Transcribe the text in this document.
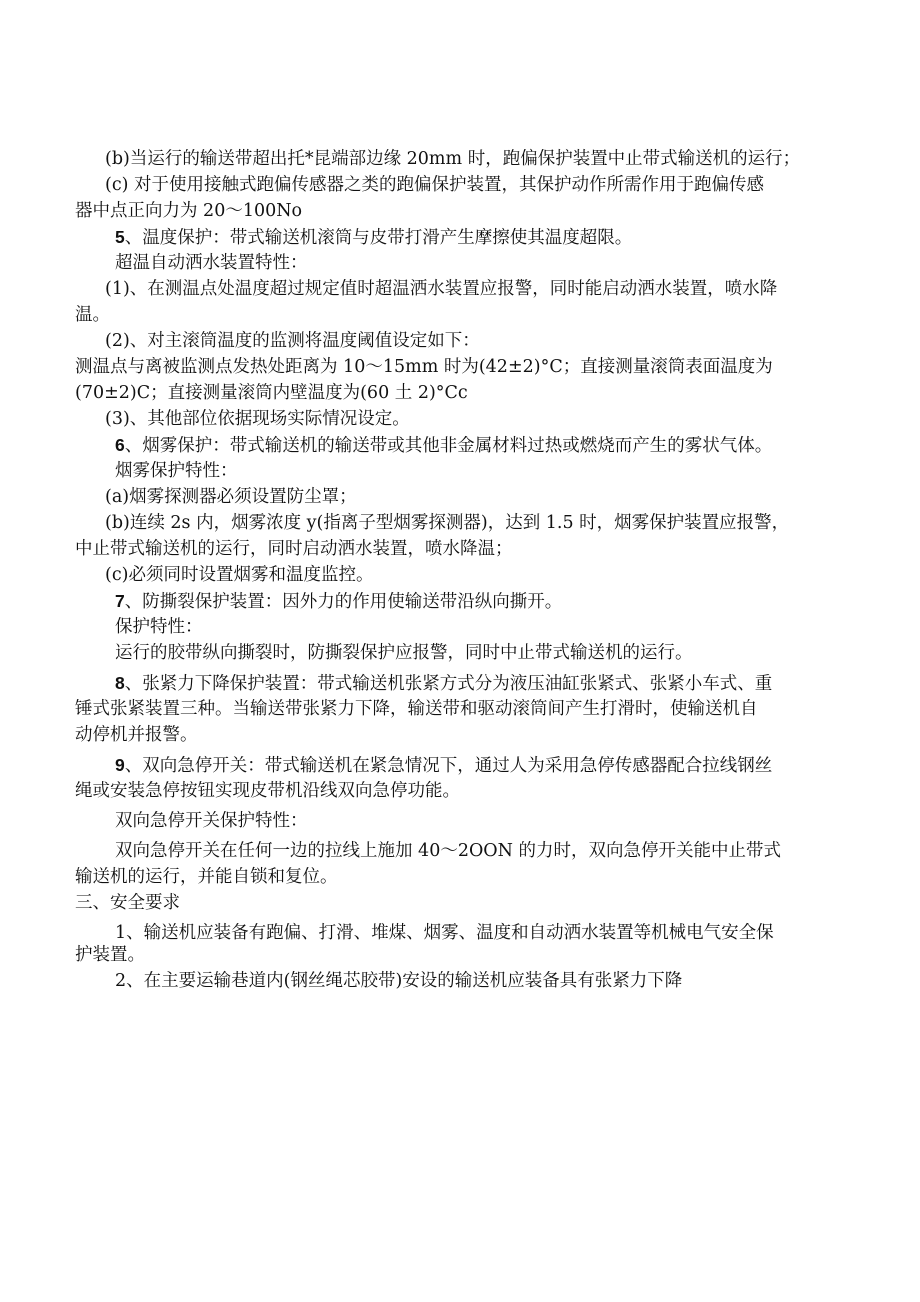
(b)当运行的输送带超出托*昆端部边缘 20mm 时，跑偏保护装置中止带式输送机的运行；
(c) 对于使用接触式跑偏传感器之类的跑偏保护装置，其保护动作所需作用于跑偏传感
器中点正向力为 20～100No
5、温度保护：带式输送机滚筒与皮带打滑产生摩擦使其温度超限。
超温自动洒水装置特性：
(1)、在测温点处温度超过规定值时超温洒水装置应报警，同时能启动洒水装置，喷水降
温。
(2)、对主滚筒温度的监测将温度阈值设定如下：
测温点与离被监测点发热处距离为 10～15mm 时为(42±2)°C；直接测量滚筒表面温度为
(70±2)C；直接测量滚筒内壁温度为(60 土 2)°Cc
(3)、其他部位依据现场实际情况设定。
6、烟雾保护：带式输送机的输送带或其他非金属材料过热或燃烧而产生的雾状气体。
烟雾保护特性：
(a)烟雾探测器必须设置防尘罩；
(b)连续 2s 内，烟雾浓度 y(指离子型烟雾探测器)，达到 1.5 时，烟雾保护装置应报警，
中止带式输送机的运行，同时启动洒水装置，喷水降温；
(c)必须同时设置烟雾和温度监控。
7、防撕裂保护装置：因外力的作用使输送带沿纵向撕开。
保护特性：
运行的胶带纵向撕裂时，防撕裂保护应报警，同时中止带式输送机的运行。
8、张紧力下降保护装置：带式输送机张紧方式分为液压油缸张紧式、张紧小车式、重
锤式张紧装置三种。当输送带张紧力下降，输送带和驱动滚筒间产生打滑时，使输送机自
动停机并报警。
9、双向急停开关：带式输送机在紧急情况下，通过人为采用急停传感器配合拉线钢丝
绳或安装急停按钮实现皮带机沿线双向急停功能。
双向急停开关保护特性：
双向急停开关在任何一边的拉线上施加 40～2OON 的力时，双向急停开关能中止带式
输送机的运行，并能自锁和复位。
三、安全要求
1、输送机应装备有跑偏、打滑、堆煤、烟雾、温度和自动洒水装置等机械电气安全保
护装置。
2、在主要运输巷道内(钢丝绳芯胶带)安设的输送机应装备具有张紧力下降
